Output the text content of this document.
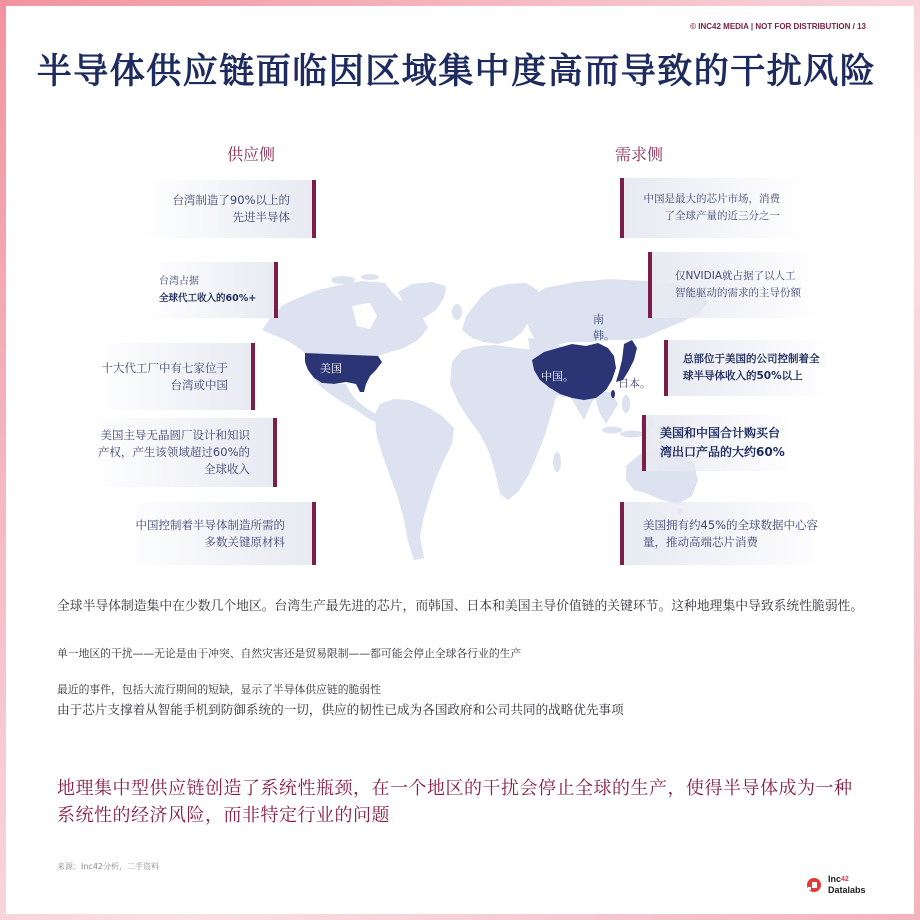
© INC42 MEDIA | NOT FOR DISTRIBUTION / 13
半导体供应链面临因区域集中度高而导致的干扰风险
供应侧	需求侧
美国
中国。
南
韩。
日本。
台湾制造了90%以上的
先进半导体
台湾占据
全球代工收入的60%+
十大代工厂中有七家位于
台湾或中国
美国主导无晶圆厂设计和知识
产权，产生该领域超过60%的
全球收入
中国控制着半导体制造所需的
多数关键原材料
中国是最大的芯片市场，消费
了全球产量的近三分之一
仅NVIDIA就占据了以人工
智能驱动的需求的主导份额
总部位于美国的公司控制着全
球半导体收入的50%以上
美国和中国合计购买台
湾出口产品的大约60%
美国拥有约45%的全球数据中心容
量，推动高端芯片消费
全球半导体制造集中在少数几个地区。台湾生产最先进的芯片，而韩国、日本和美国主导价值链的关键环节。这种地理集中导致系统性脆弱性。
单一地区的干扰——无论是由于冲突、自然灾害还是贸易限制——都可能会停止全球各行业的生产
最近的事件，包括大流行期间的短缺，显示了半导体供应链的脆弱性
由于芯片支撑着从智能手机到防御系统的一切，供应的韧性已成为各国政府和公司共同的战略优先事项
地理集中型供应链创造了系统性瓶颈，在一个地区的干扰会停止全球的生产，使得半导体成为一种
系统性的经济风险，而非特定行业的问题
来源：Inc42分析，二手资料
Inc$^{42}$
Datalabs
